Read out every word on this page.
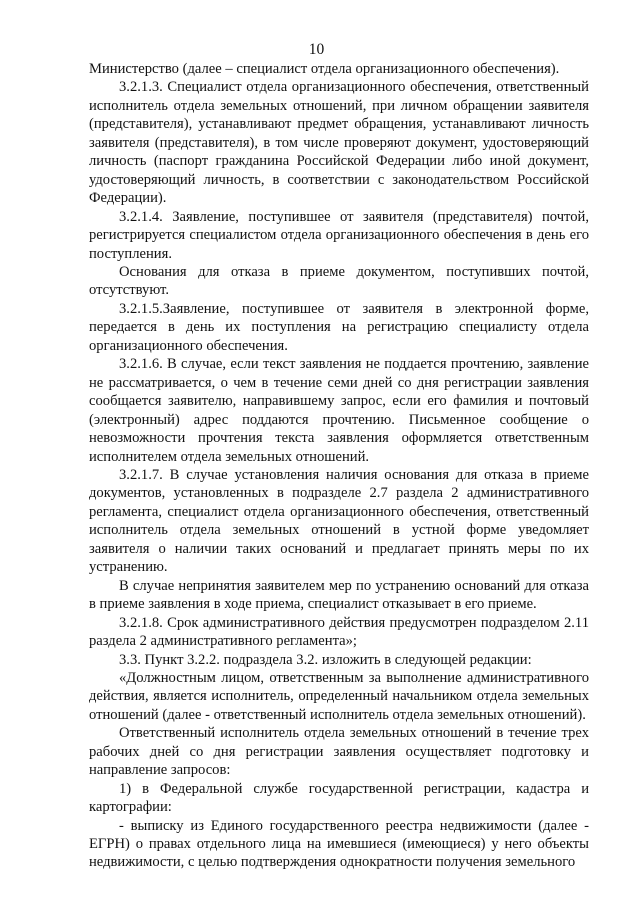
10

Министерство (далее – специалист отдела организационного обеспечения).

3.2.1.3. Специалист отдела организационного обеспечения, ответственный исполнитель отдела земельных отношений, при личном обращении заявителя (представителя), устанавливают предмет обращения, устанавливают личность заявителя (представителя), в том числе проверяют документ, удостоверяющий личность (паспорт гражданина Российской Федерации либо иной документ, удостоверяющий личность, в соответствии с законодательством Российской Федерации).

3.2.1.4. Заявление, поступившее от заявителя (представителя) почтой, регистрируется специалистом отдела организационного обеспечения в день его поступления.

Основания для отказа в приеме документом, поступивших почтой, отсутствуют.

3.2.1.5.Заявление, поступившее от заявителя в электронной форме, передается в день их поступления на регистрацию специалисту отдела организационного обеспечения.

3.2.1.6. В случае, если текст заявления не поддается прочтению, заявление не рассматривается, о чем в течение семи дней со дня регистрации заявления сообщается заявителю, направившему запрос, если его фамилия и почтовый (электронный) адрес поддаются прочтению. Письменное сообщение о невозможности прочтения текста заявления оформляется ответственным исполнителем отдела земельных отношений.

3.2.1.7. В случае установления наличия основания для отказа в приеме документов, установленных в подразделе 2.7 раздела 2 административного регламента, специалист отдела организационного обеспечения, ответственный исполнитель отдела земельных отношений в устной форме уведомляет заявителя о наличии таких оснований и предлагает принять меры по их устранению.

В случае непринятия заявителем мер по устранению оснований для отказа в приеме заявления в ходе приема, специалист отказывает в его приеме.

3.2.1.8. Срок административного действия предусмотрен подразделом 2.11 раздела 2 административного регламента»;

3.3. Пункт 3.2.2. подраздела 3.2. изложить в следующей редакции:

«Должностным лицом, ответственным за выполнение административного действия, является исполнитель, определенный начальником отдела земельных отношений (далее - ответственный исполнитель отдела земельных отношений).

Ответственный исполнитель отдела земельных отношений в течение трех рабочих дней со дня регистрации заявления осуществляет подготовку и направление запросов:

1) в Федеральной службе государственной регистрации, кадастра и картографии:

- выписку из Единого государственного реестра недвижимости (далее - ЕГРН) о правах отдельного лица на имевшиеся (имеющиеся) у него объекты недвижимости, с целью подтверждения однократности получения земельного
